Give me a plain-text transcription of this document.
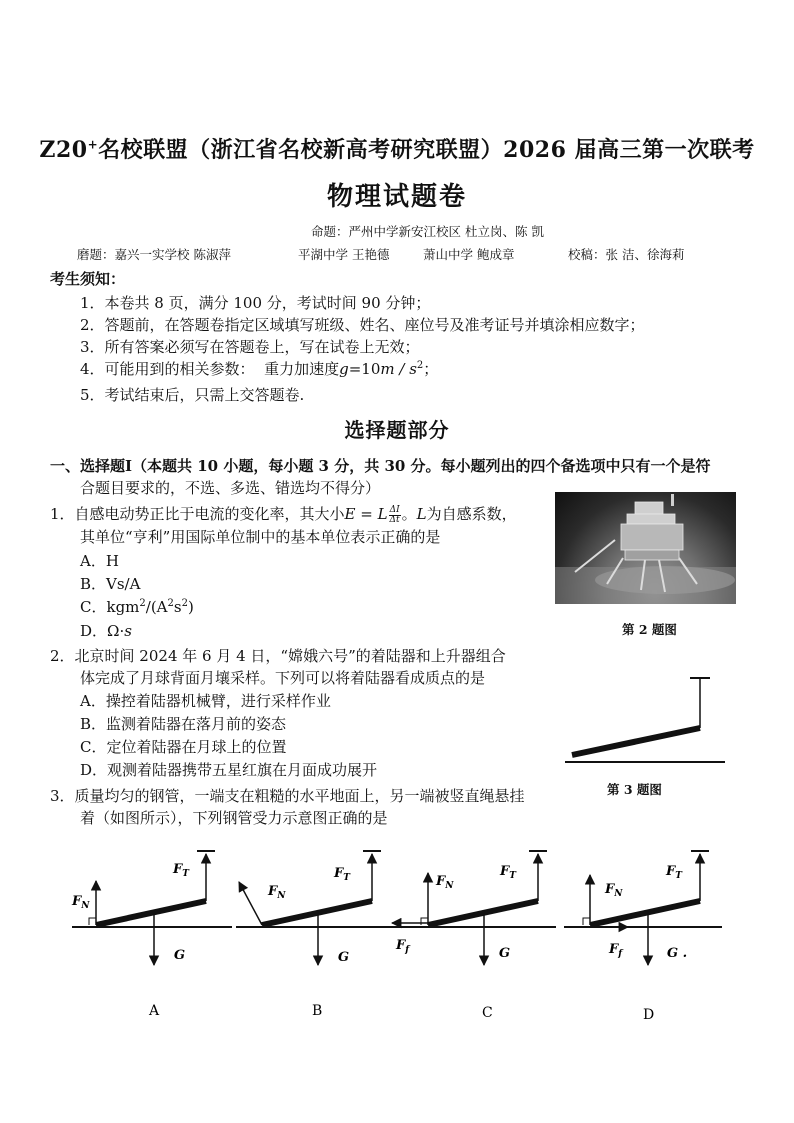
Z20+名校联盟（浙江省名校新高考研究联盟）2026 届高三第一次联考
物理试题卷
命题：严州中学新安江校区 杜立岗、陈 凯
磨题：嘉兴一实学校 陈淑萍	平湖中学 王艳德	萧山中学 鲍成章	校稿：张 洁、徐海莉
考生须知：
1．本卷共 8 页，满分 100 分，考试时间 90 分钟；
2．答题前，在答题卷指定区域填写班级、姓名、座位号及准考证号并填涂相应数字；
3．所有答案必须写在答题卷上，写在试卷上无效；
4．可能用到的相关参数： 重力加速度$g=10m / s^2$；
5．考试结束后，只需上交答题卷.
选择题部分
一、选择题Ⅰ（本题共 10 小题，每小题 3 分，共 30 分。每小题列出的四个备选项中只有一个是符
合题目要求的，不选、多选、错选均不得分）
1．自感电动势正比于电流的变化率，其大小E = L $\frac{\Delta I}{\Delta t}$ 。L为自感系数，
其单位“亨利”用国际单位制中的基本单位表示正确的是
A．H
B．Vs/A
C．$kgm^2/(A^2s^2)$
D．Ω·s	第 2 题图
2．北京时间 2024 年 6 月 4 日，“嫦娥六号”的着陆器和上升器组合
体完成了月球背面月壤采样。下列可以将着陆器看成质点的是
A．操控着陆器机械臂，进行采样作业
B．监测着陆器在落月前的姿态
C．定位着陆器在月球上的位置
D．观测着陆器携带五星红旗在月面成功展开
第 3 题图
3．质量均匀的钢管，一端支在粗糙的水平地面上，另一端被竖直绳悬挂
着（如图所示），下列钢管受力示意图正确的是
$F_N$
$F_T$
G
A
$F_N$
$F_T$
G
B
$F_N$
$F_T$
$F_f$	G
C
$F_N$
$F_T$
$F_f$	G .
D
